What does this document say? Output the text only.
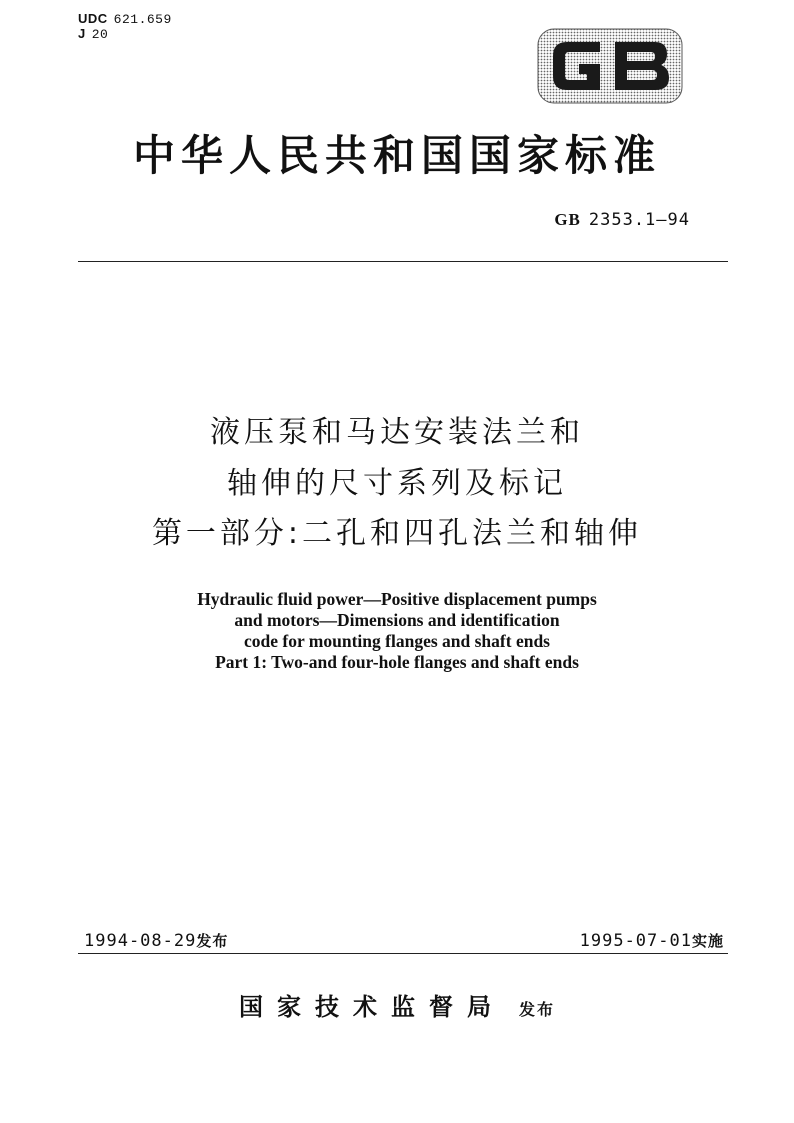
UDC 621.659
J 20
中华人民共和国国家标准
GB 2353.1—94
液压泵和马达安装法兰和
轴伸的尺寸系列及标记
第一部分:二孔和四孔法兰和轴伸
Hydraulic fluid power—Positive displacement pumps
and motors—Dimensions and identification
code for mounting flanges and shaft ends
Part 1: Two-and four-hole flanges and shaft ends
1994-08-29发布	1995-07-01实施
国家技术监督局 发布
